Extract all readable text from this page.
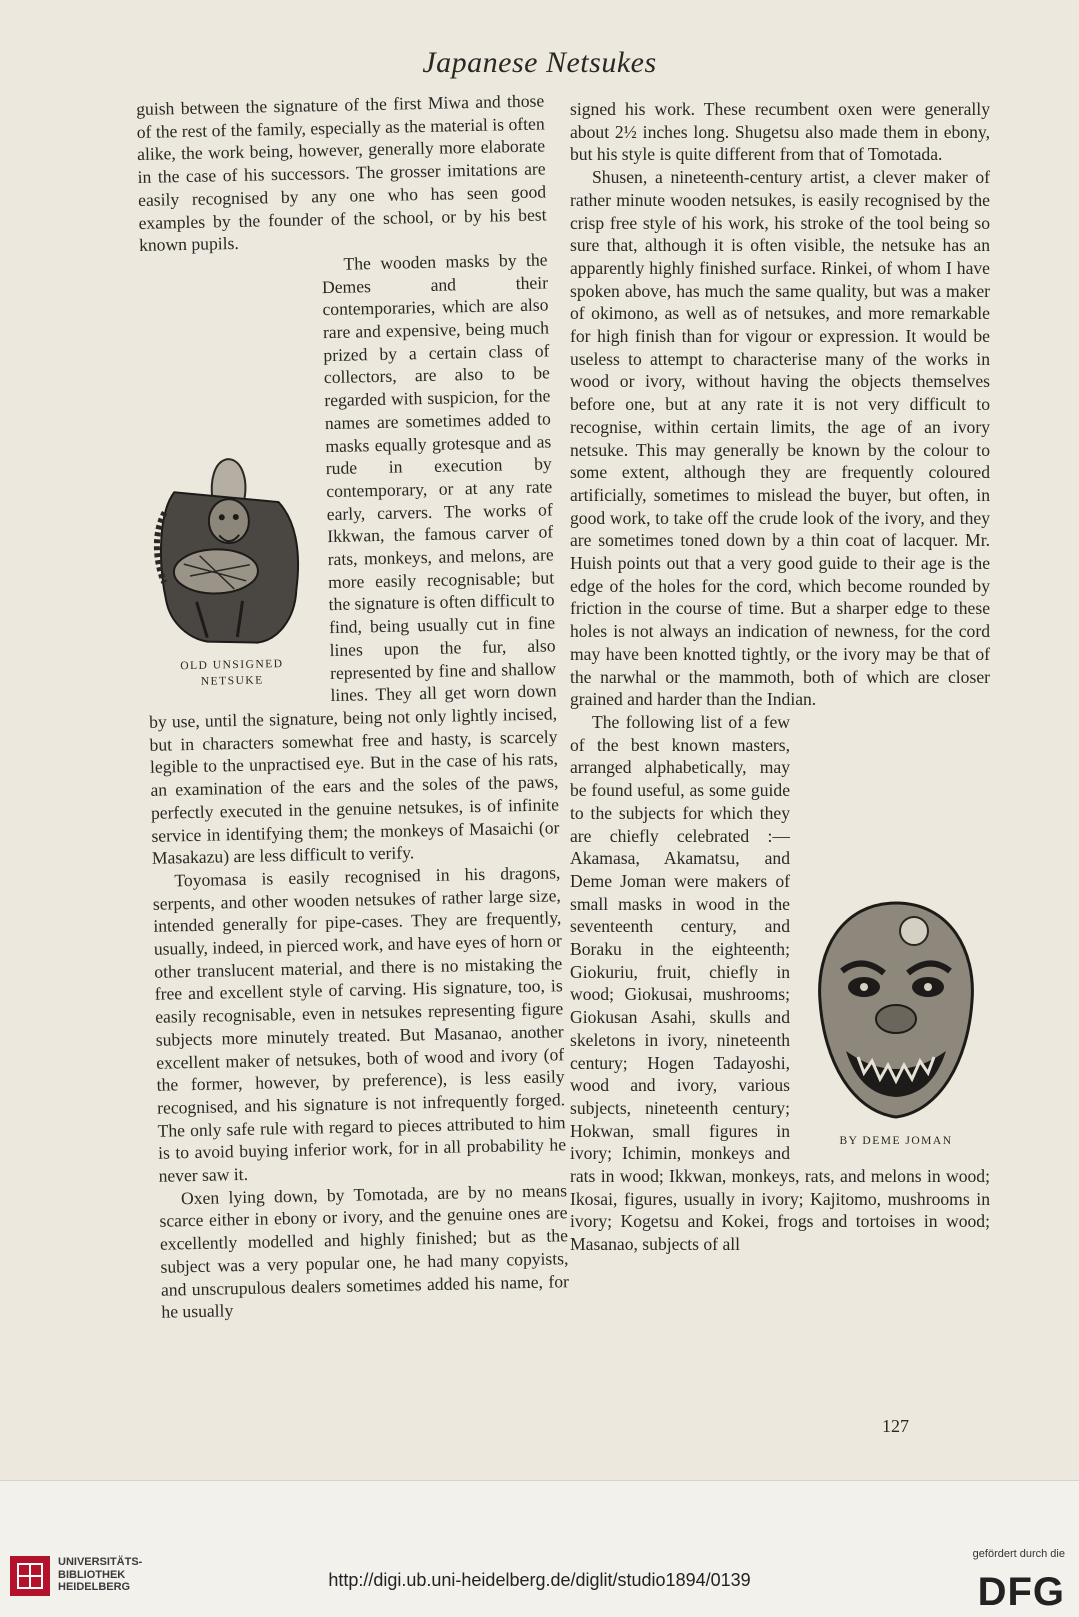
Japanese Netsukes

guish between the signature of the first Miwa and those of the rest of the family, especially as the material is often alike, the work being, however, generally more elaborate in the case of his successors. The grosser imitations are easily recognised by any one who has seen good examples by the founder of the school, or by his best known pupils.

OLD UNSIGNED
NETSUKE

The wooden masks by the Demes and their contemporaries, which are also rare and expensive, being much prized by a certain class of collectors, are also to be regarded with suspicion, for the names are sometimes added to masks equally grotesque and as rude in execution by contemporary, or at any rate early, carvers. The works of Ikkwan, the famous carver of rats, monkeys, and melons, are more easily recognisable; but the signature is often difficult to find, being usually cut in fine lines upon the fur, also represented by fine and shallow lines. They all get worn down by use, until the signature, being not only lightly incised, but in characters somewhat free and hasty, is scarcely legible to the unpractised eye. But in the case of his rats, an examination of the ears and the soles of the paws, perfectly executed in the genuine netsukes, is of infinite service in identifying them; the monkeys of Masaichi (or Masakazu) are less difficult to verify.

Toyomasa is easily recognised in his dragons, serpents, and other wooden netsukes of rather large size, intended generally for pipe-cases. They are frequently, usually, indeed, in pierced work, and have eyes of horn or other translucent material, and there is no mistaking the free and excellent style of carving. His signature, too, is easily recognisable, even in netsukes representing figure subjects more minutely treated. But Masanao, another excellent maker of netsukes, both of wood and ivory (of the former, however, by preference), is less easily recognised, and his signature is not infrequently forged. The only safe rule with regard to pieces attributed to him is to avoid buying inferior work, for in all probability he never saw it.

Oxen lying down, by Tomotada, are by no means scarce either in ebony or ivory, and the genuine ones are excellently modelled and highly finished; but as the subject was a very popular one, he had many copyists, and unscrupulous dealers sometimes added his name, for he usually

signed his work. These recumbent oxen were generally about 2½ inches long. Shugetsu also made them in ebony, but his style is quite different from that of Tomotada.

Shusen, a nineteenth-century artist, a clever maker of rather minute wooden netsukes, is easily recognised by the crisp free style of his work, his stroke of the tool being so sure that, although it is often visible, the netsuke has an apparently highly finished surface. Rinkei, of whom I have spoken above, has much the same quality, but was a maker of okimono, as well as of netsukes, and more remarkable for high finish than for vigour or expression. It would be useless to attempt to characterise many of the works in wood or ivory, without having the objects themselves before one, but at any rate it is not very difficult to recognise, within certain limits, the age of an ivory netsuke. This may generally be known by the colour to some extent, although they are frequently coloured artificially, sometimes to mislead the buyer, but often, in good work, to take off the crude look of the ivory, and they are sometimes toned down by a thin coat of lacquer. Mr. Huish points out that a very good guide to their age is the edge of the holes for the cord, which become rounded by friction in the course of time. But a sharper edge to these holes is not always an indication of newness, for the cord may have been knotted tightly, or the ivory may be that of the narwhal or the mammoth, both of which are closer grained and harder than the Indian.

BY DEME JOMAN

The following list of a few of the best known masters, arranged alphabetically, may be found useful, as some guide to the subjects for which they are chiefly celebrated :—Akamasa, Akamatsu, and Deme Joman were makers of small masks in wood in the seventeenth century, and Boraku in the eighteenth; Giokuriu, fruit, chiefly in wood; Giokusai, mushrooms; Giokusan Asahi, skulls and skeletons in ivory, nineteenth century; Hogen Tadayoshi, wood and ivory, various subjects, nineteenth century; Hokwan, small figures in ivory; Ichimin, monkeys and rats in wood; Ikkwan, monkeys, rats, and melons in wood; Ikosai, figures, usually in ivory; Kajitomo, mushrooms in ivory; Kogetsu and Kokei, frogs and tortoises in wood; Masanao, subjects of all

127
UNIVERSITÄTS-
BIBLIOTHEK
HEIDELBERG	http://digi.ub.uni-heidelberg.de/diglit/studio1894/0139
gefördert durch die
DFG
